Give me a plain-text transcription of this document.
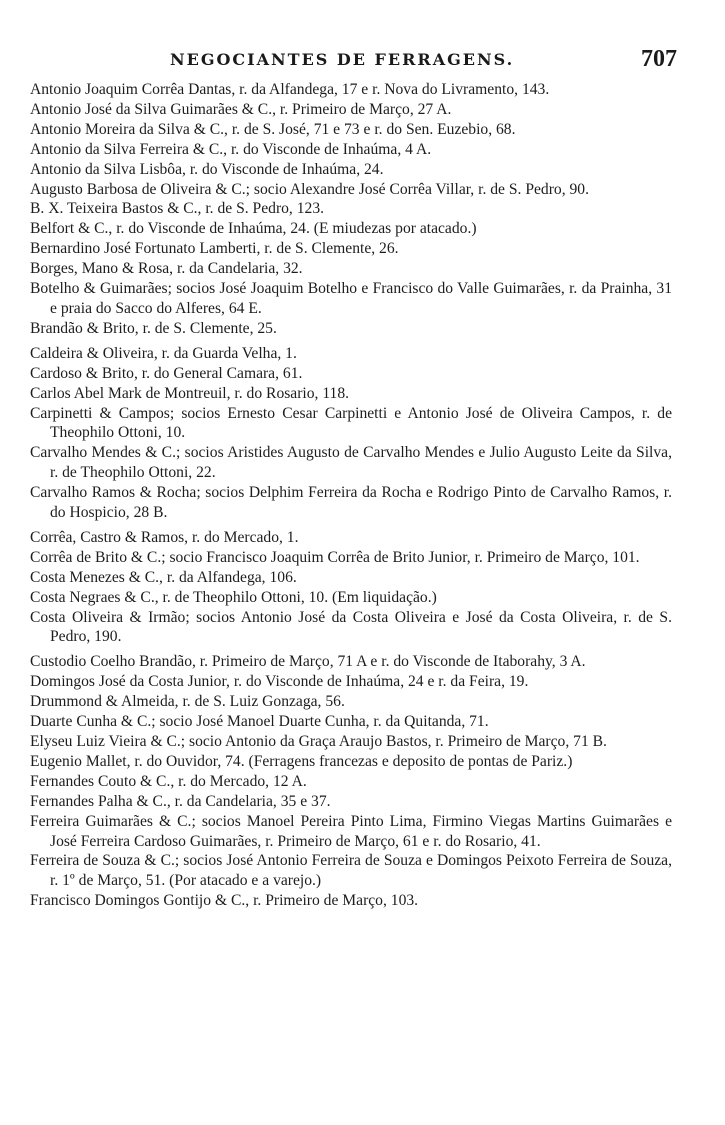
NEGOCIANTES DE FERRAGENS.	707
Antonio Joaquim Corrêa Dantas, r. da Alfandega, 17 e r. Nova do Livramento, 143.
Antonio José da Silva Guimarães & C., r. Primeiro de Março, 27 A.
Antonio Moreira da Silva & C., r. de S. José, 71 e 73 e r. do Sen. Euzebio, 68.
Antonio da Silva Ferreira & C., r. do Visconde de Inhaúma, 4 A.
Antonio da Silva Lisbôa, r. do Visconde de Inhaúma, 24.
Augusto Barbosa de Oliveira & C.; socio Alexandre José Corrêa Villar, r. de S. Pedro, 90.
B. X. Teixeira Bastos & C., r. de S. Pedro, 123.
Belfort & C., r. do Visconde de Inhaúma, 24. (E miudezas por atacado.)
Bernardino José Fortunato Lamberti, r. de S. Clemente, 26.
Borges, Mano & Rosa, r. da Candelaria, 32.
Botelho & Guimarães; socios José Joaquim Botelho e Francisco do Valle Guimarães, r. da Prainha, 31 e praia do Sacco do Alferes, 64 E.
Brandão & Brito, r. de S. Clemente, 25.
Caldeira & Oliveira, r. da Guarda Velha, 1.
Cardoso & Brito, r. do General Camara, 61.
Carlos Abel Mark de Montreuil, r. do Rosario, 118.
Carpinetti & Campos; socios Ernesto Cesar Carpinetti e Antonio José de Oliveira Campos, r. de Theophilo Ottoni, 10.
Carvalho Mendes & C.; socios Aristides Augusto de Carvalho Mendes e Julio Augusto Leite da Silva, r. de Theophilo Ottoni, 22.
Carvalho Ramos & Rocha; socios Delphim Ferreira da Rocha e Rodrigo Pinto de Carvalho Ramos, r. do Hospicio, 28 B.
Corrêa, Castro & Ramos, r. do Mercado, 1.
Corrêa de Brito & C.; socio Francisco Joaquim Corrêa de Brito Junior, r. Primeiro de Março, 101.
Costa Menezes & C., r. da Alfandega, 106.
Costa Negraes & C., r. de Theophilo Ottoni, 10. (Em liquidação.)
Costa Oliveira & Irmão; socios Antonio José da Costa Oliveira e José da Costa Oliveira, r. de S. Pedro, 190.
Custodio Coelho Brandão, r. Primeiro de Março, 71 A e r. do Visconde de Itaborahy, 3 A.
Domingos José da Costa Junior, r. do Visconde de Inhaúma, 24 e r. da Feira, 19.
Drummond & Almeida, r. de S. Luiz Gonzaga, 56.
Duarte Cunha & C.; socio José Manoel Duarte Cunha, r. da Quitanda, 71.
Elyseu Luiz Vieira & C.; socio Antonio da Graça Araujo Bastos, r. Primeiro de Março, 71 B.
Eugenio Mallet, r. do Ouvidor, 74. (Ferragens francezas e deposito de pontas de Pariz.)
Fernandes Couto & C., r. do Mercado, 12 A.
Fernandes Palha & C., r. da Candelaria, 35 e 37.
Ferreira Guimarães & C.; socios Manoel Pereira Pinto Lima, Firmino Viegas Martins Guimarães e José Ferreira Cardoso Guimarães, r. Primeiro de Março, 61 e r. do Rosario, 41.
Ferreira de Souza & C.; socios José Antonio Ferreira de Souza e Domingos Peixoto Ferreira de Souza, r. 1º de Março, 51. (Por atacado e a varejo.)
Francisco Domingos Gontijo & C., r. Primeiro de Março, 103.
